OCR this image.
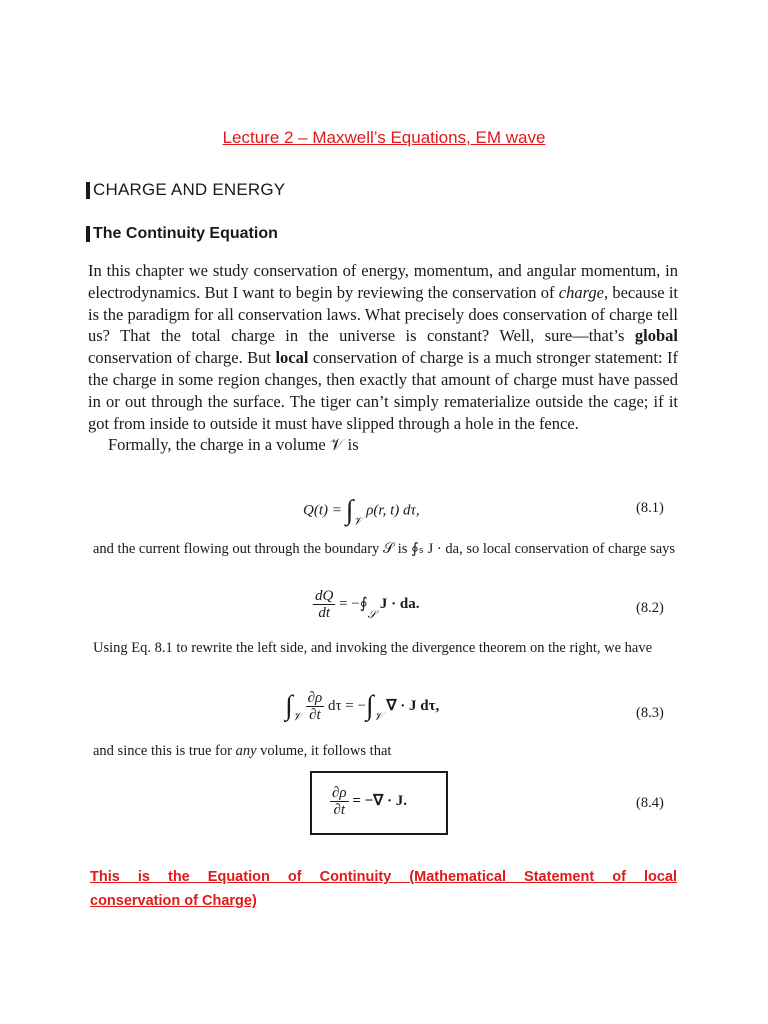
Lecture 2 – Maxwell’s Equations, EM wave
CHARGE AND ENERGY
The Continuity Equation
In this chapter we study conservation of energy, momentum, and angular momentum, in electrodynamics. But I want to begin by reviewing the conservation of charge, because it is the paradigm for all conservation laws. What precisely does conservation of charge tell us? That the total charge in the universe is constant? Well, sure—that’s global conservation of charge. But local conservation of charge is a much stronger statement: If the charge in some region changes, then exactly that amount of charge must have passed in or out through the surface. The tiger can’t simply rematerialize outside the cage; if it got from inside to outside it must have slipped through a hole in the fence.
Formally, the charge in a volume 𝒱 is
$Q(t) = \int_𝒱$ ρ(r, t) dτ,	(8.1)
and the current flowing out through the boundary 𝒮 is ∮ₛ J · da, so local conservation of charge says
$\frac{dQ}{dt}$ = $-∮_𝒮$ J · da.	(8.2)
Using Eq. 8.1 to rewrite the left side, and invoking the divergence theorem on the right, we have
$\int_𝒱 \frac{\partial\rho}{\partial t}$ $d\tau = -\int_𝒱$ ∇ · J dτ,	(8.3)
and since this is true for any volume, it follows that
$\frac{\partial\rho}{\partial t}$ = −∇ · J.	(8.4)
This is the Equation of Continuity (Mathematical Statement of local
conservation of Charge)
